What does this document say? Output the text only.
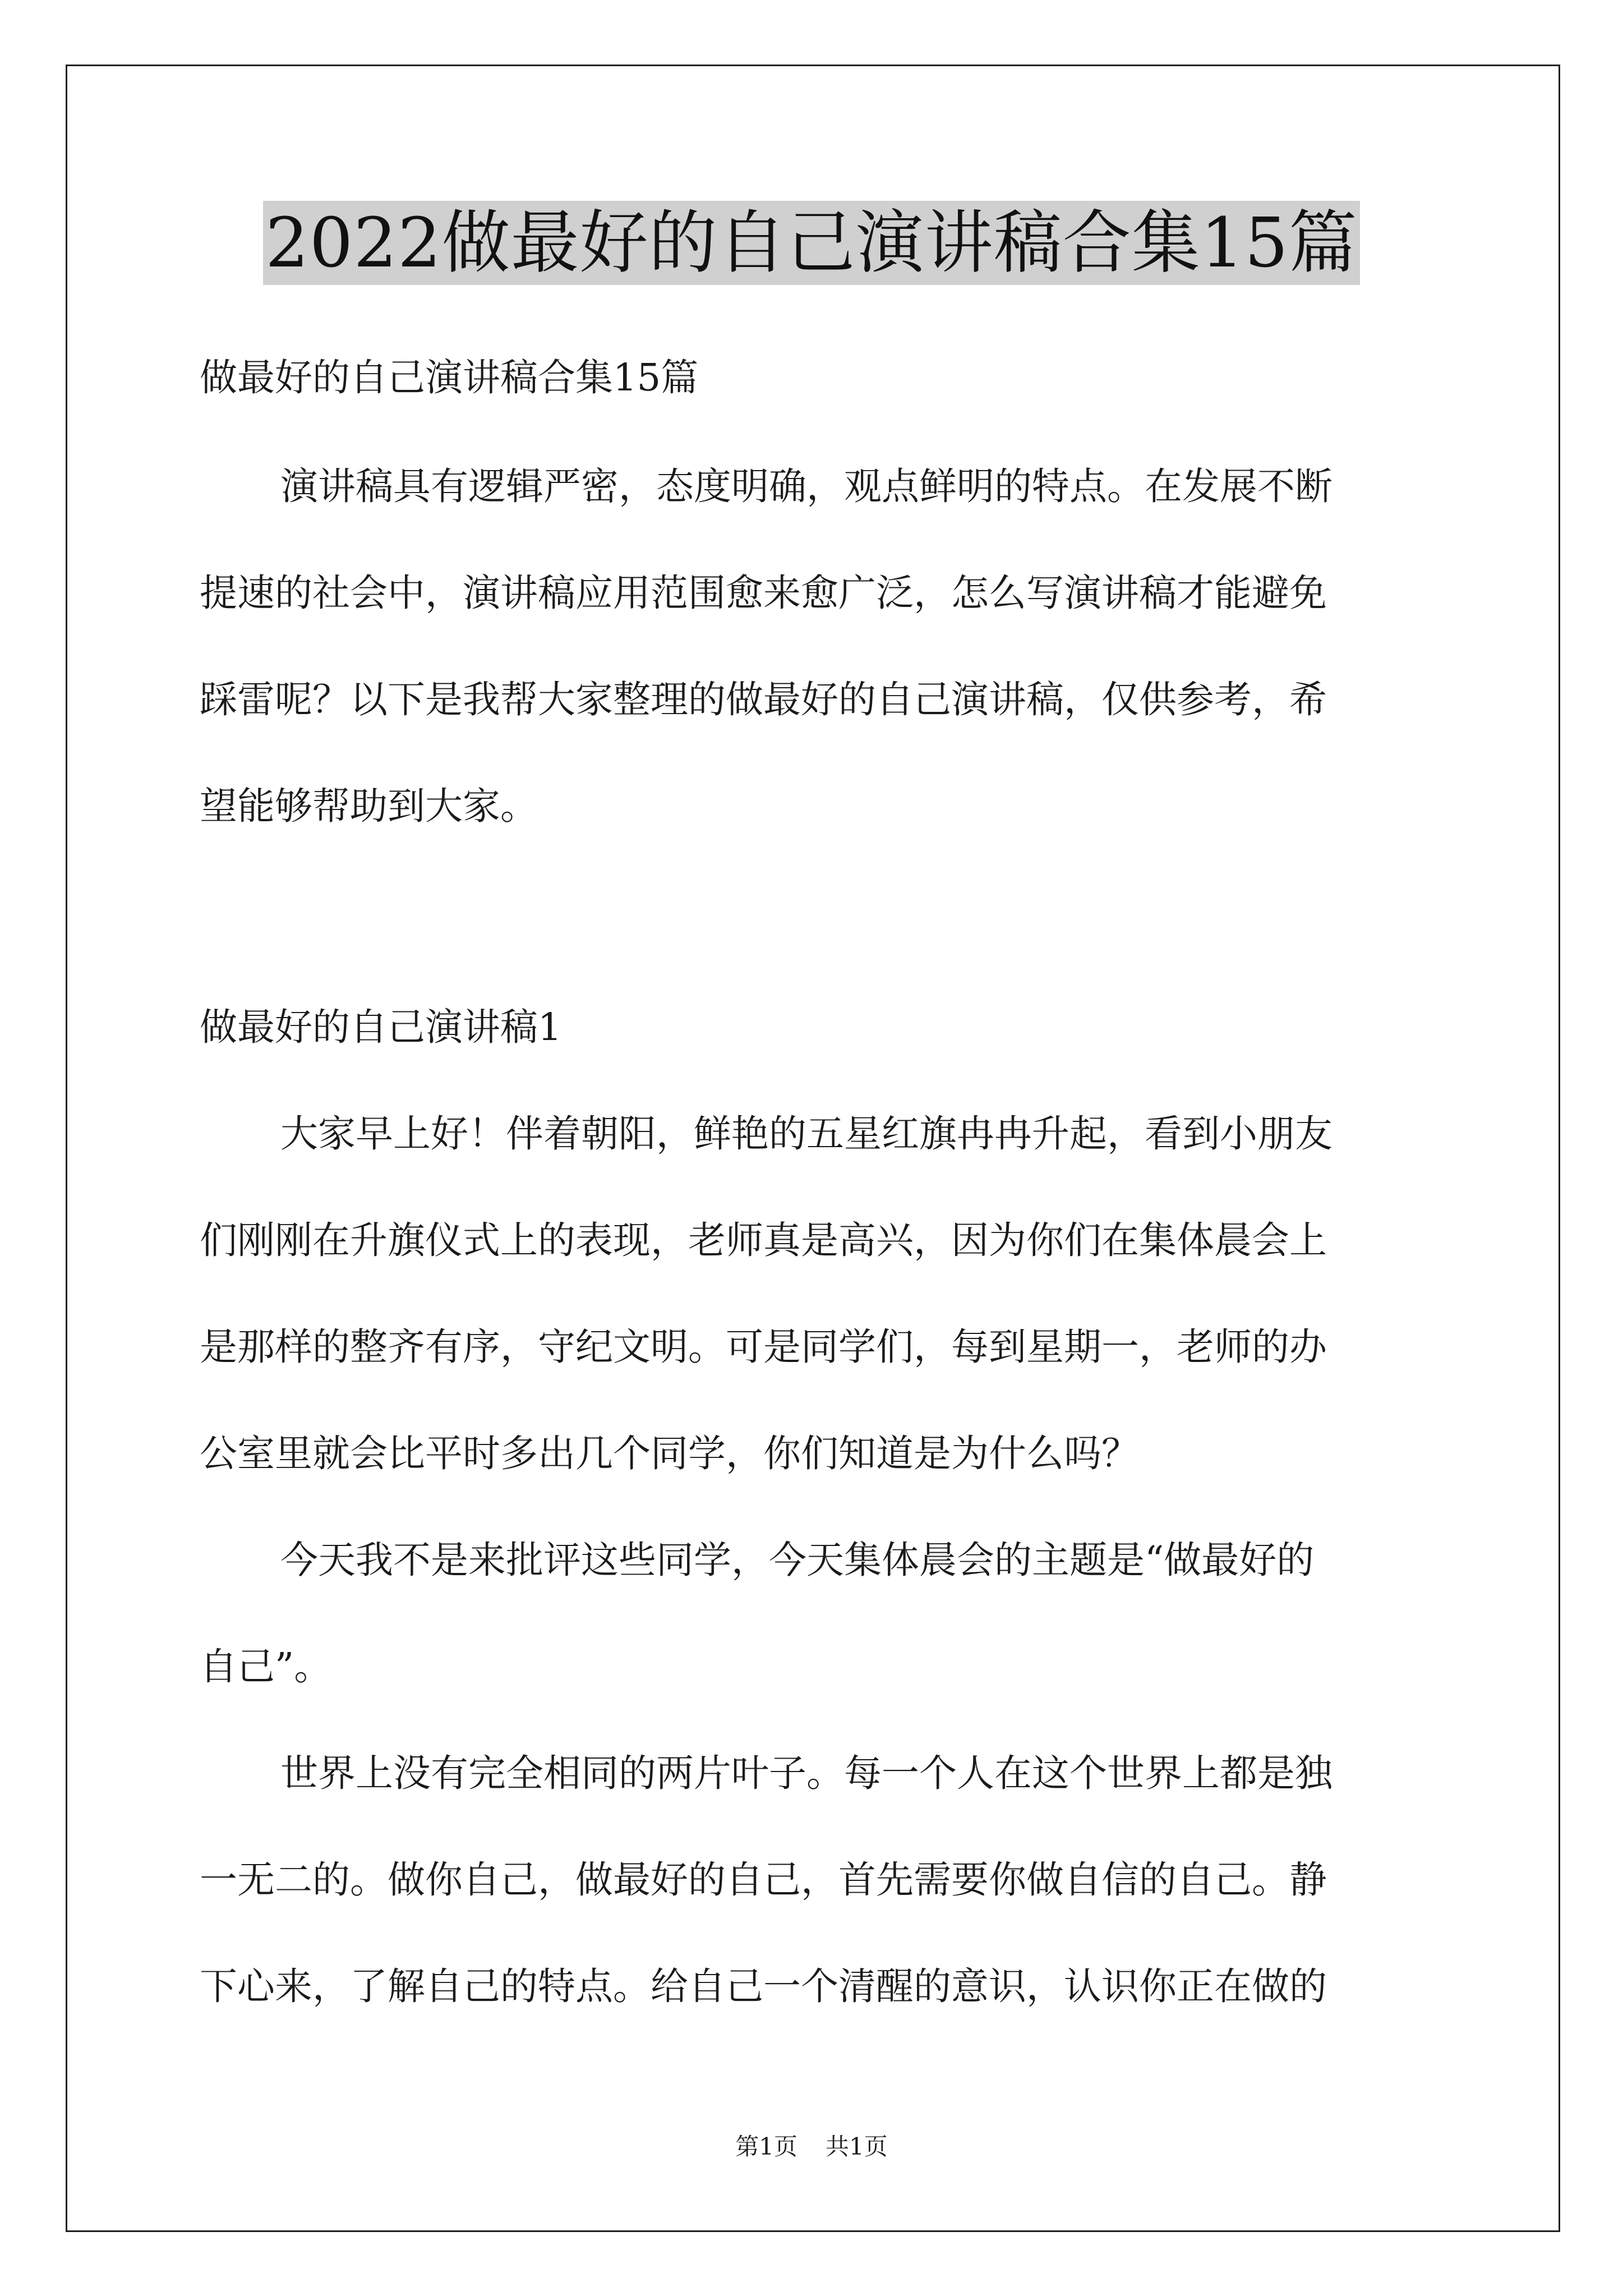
2022做最好的自己演讲稿合集15篇
做最好的自己演讲稿合集15篇
演讲稿具有逻辑严密，态度明确，观点鲜明的特点。在发展不断
提速的社会中，演讲稿应用范围愈来愈广泛，怎么写演讲稿才能避免
踩雷呢？以下是我帮大家整理的做最好的自己演讲稿，仅供参考，希
望能够帮助到大家。
做最好的自己演讲稿1
大家早上好！伴着朝阳，鲜艳的五星红旗冉冉升起，看到小朋友
们刚刚在升旗仪式上的表现，老师真是高兴，因为你们在集体晨会上
是那样的整齐有序，守纪文明。可是同学们，每到星期一，老师的办
公室里就会比平时多出几个同学，你们知道是为什么吗？
今天我不是来批评这些同学，今天集体晨会的主题是“做最好的
自己”。
世界上没有完全相同的两片叶子。每一个人在这个世界上都是独
一无二的。做你自己，做最好的自己，首先需要你做自信的自己。静
下心来，了解自己的特点。给自己一个清醒的意识，认识你正在做的
第1页 共1页
